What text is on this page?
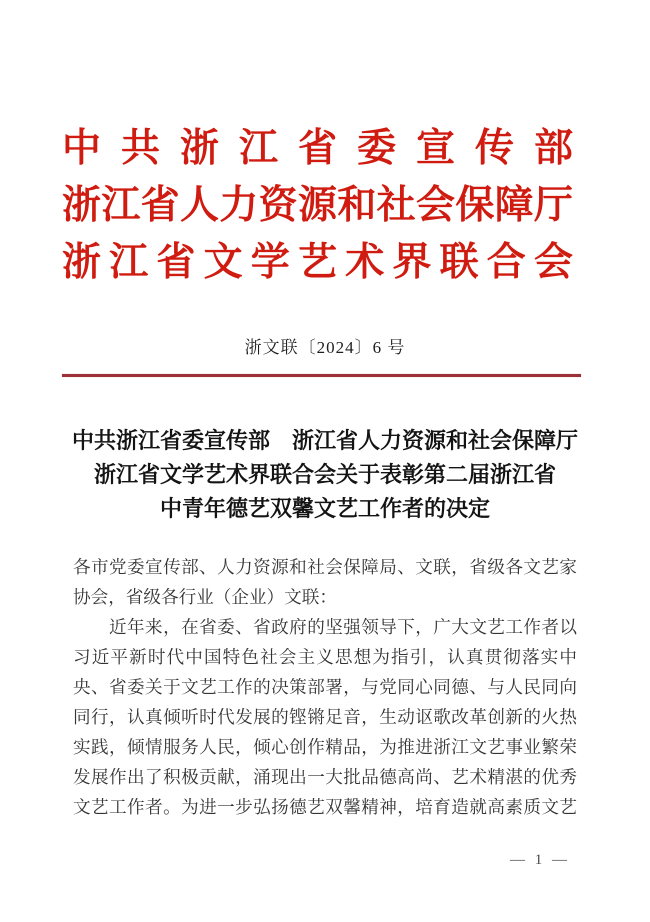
中共浙江省委宣传部
浙江省人力资源和社会保障厅
浙江省文学艺术界联合会
浙文联〔2024〕6 号
中共浙江省委宣传部　浙江省人力资源和社会保障厅
浙江省文学艺术界联合会关于表彰第二届浙江省
中青年德艺双馨文艺工作者的决定
各市党委宣传部、人力资源和社会保障局、文联，省级各文艺家
协会，省级各行业（企业）文联：
　　近年来，在省委、省政府的坚强领导下，广大文艺工作者以
习近平新时代中国特色社会主义思想为指引，认真贯彻落实中
央、省委关于文艺工作的决策部署，与党同心同德、与人民同向
同行，认真倾听时代发展的铿锵足音，生动讴歌改革创新的火热
实践，倾情服务人民，倾心创作精品，为推进浙江文艺事业繁荣
发展作出了积极贡献，涌现出一大批品德高尚、艺术精湛的优秀
文艺工作者。为进一步弘扬德艺双馨精神，培育造就高素质文艺
— 1 —
